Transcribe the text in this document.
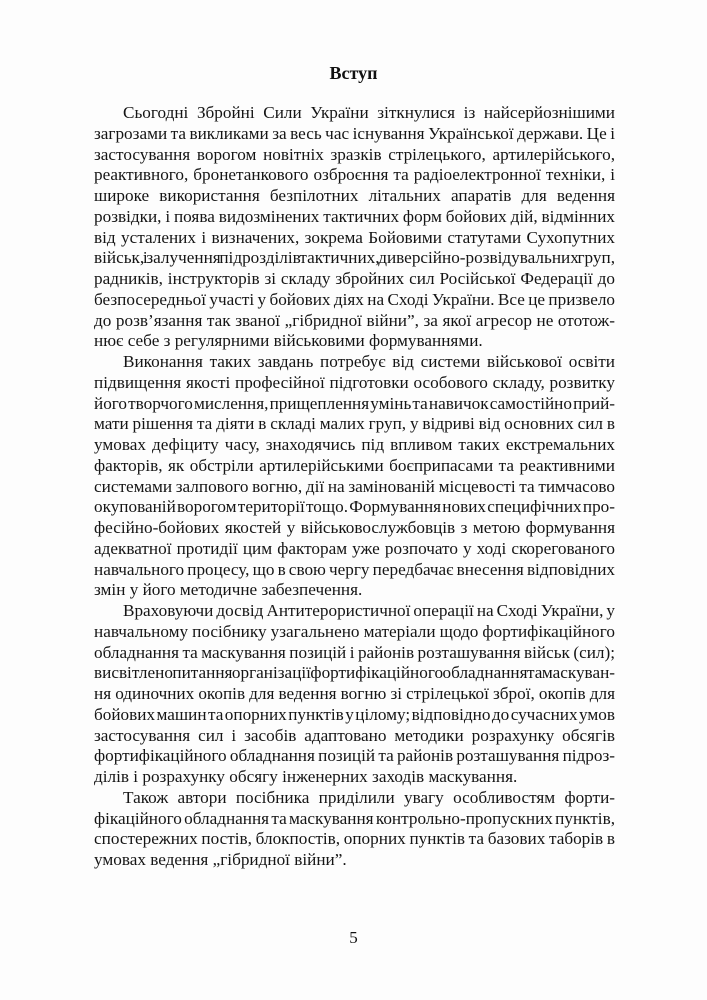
Вступ
Сьогодні Збройні Сили України зіткнулися із найсерйознішими
загрозами та викликами за весь час існування Української держави. Це і
застосування ворогом новітніх зразків стрілецького, артилерійського,
реактивного, бронетанкового озброєння та радіоелектронної техніки, і
широке використання безпілотних літальних апаратів для ведення
розвідки, і поява видозмінених тактичних форм бойових дій, відмінних
від усталених і визначених, зокрема Бойовими статутами Сухопутних
військ, і залучення підрозділів тактичних, диверсійно-розвідувальних груп,
радників, інструкторів зі складу збройних сил Російської Федерації до
безпосередньої участі у бойових діях на Сході України. Все це призвело
до розв’язання так званої „гібридної війни”, за якої агресор не ототож-
нює себе з регулярними військовими формуваннями.
Виконання таких завдань потребує від системи військової освіти
підвищення якості професійної підготовки особового складу, розвитку
його творчого мислення, прищеплення умінь та навичок самостійно прий-
мати рішення та діяти в складі малих груп, у відриві від основних сил в
умовах дефіциту часу, знаходячись під впливом таких екстремальних
факторів, як обстріли артилерійськими боєприпасами та реактивними
системами залпового вогню, дії на замінованій місцевості та тимчасово
окупованій ворогом території тощо. Формування нових специфічних про-
фесійно-бойових якостей у військовослужбовців з метою формування
адекватної протидії цим факторам уже розпочато у ході скорегованого
навчального процесу, що в свою чергу передбачає внесення відповідних
змін у його методичне забезпечення.
Враховуючи досвід Антитерористичної операції на Сході України, у
навчальному посібнику узагальнено матеріали щодо фортифікаційного
обладнання та маскування позицій і районів розташування військ (сил);
висвітлено питання організації фортифікаційного обладнання та маскуван-
ня одиночних окопів для ведення вогню зі стрілецької зброї, окопів для
бойових машин та опорних пунктів у цілому; відповідно до сучасних умов
застосування сил і засобів адаптовано методики розрахунку обсягів
фортифікаційного обладнання позицій та районів розташування підроз-
ділів і розрахунку обсягу інженерних заходів маскування.
Також автори посібника приділили увагу особливостям форти-
фікаційного обладнання та маскування контрольно-пропускних пунктів,
спостережних постів, блокпостів, опорних пунктів та базових таборів в
умовах ведення „гібридної війни”.
5
